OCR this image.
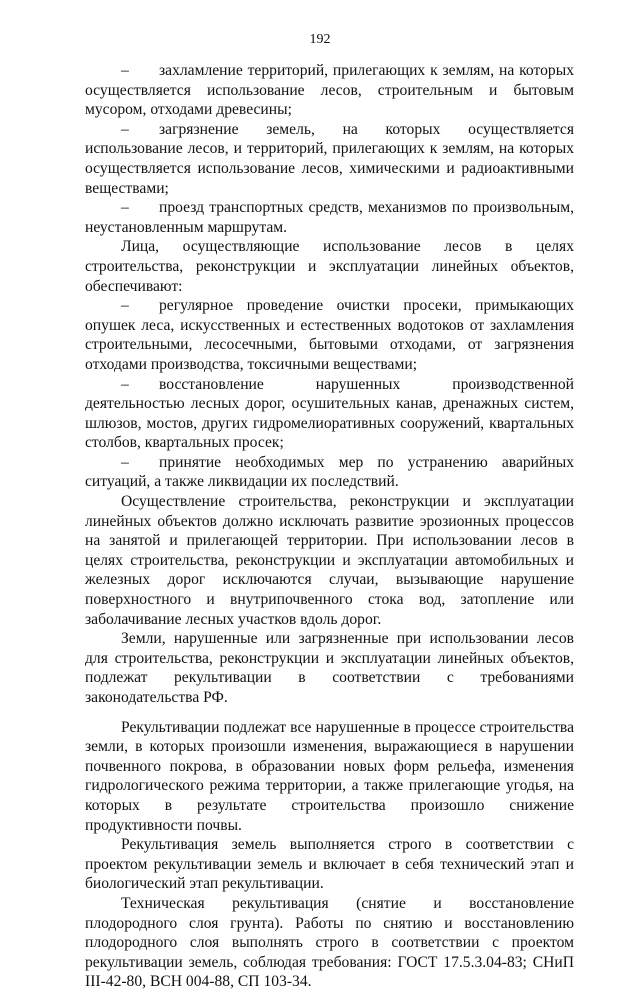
192

– захламление территорий, прилегающих к землям, на которых осуществляется использование лесов, строительным и бытовым мусором, отходами древесины;

– загрязнение земель, на которых осуществляется использование лесов, и территорий, прилегающих к землям, на которых осуществляется использование лесов, химическими и радиоактивными веществами;

– проезд транспортных средств, механизмов по произвольным, неустановленным маршрутам.

Лица, осуществляющие использование лесов в целях строительства, реконструкции и эксплуатации линейных объектов, обеспечивают:

– регулярное проведение очистки просеки, примыкающих опушек леса, искусственных и естественных водотоков от захламления строительными, лесосечными, бытовыми отходами, от загрязнения отходами производства, токсичными веществами;

– восстановление нарушенных производственной деятельностью лесных дорог, осушительных канав, дренажных систем, шлюзов, мостов, других гидромелиоративных сооружений, квартальных столбов, квартальных просек;

– принятие необходимых мер по устранению аварийных ситуаций, а также ликвидации их последствий.

Осуществление строительства, реконструкции и эксплуатации линейных объектов должно исключать развитие эрозионных процессов на занятой и прилегающей территории. При использовании лесов в целях строительства, реконструкции и эксплуатации автомобильных и железных дорог исключаются случаи, вызывающие нарушение поверхностного и внутрипочвенного стока вод, затопление или заболачивание лесных участков вдоль дорог.

Земли, нарушенные или загрязненные при использовании лесов для строительства, реконструкции и эксплуатации линейных объектов, подлежат рекультивации в соответствии с требованиями законодательства РФ.

Рекультивации подлежат все нарушенные в процессе строительства земли, в которых произошли изменения, выражающиеся в нарушении почвенного покрова, в образовании новых форм рельефа, изменения гидрологического режима территории, а также прилегающие угодья, на которых в результате строительства произошло снижение продуктивности почвы.

Рекультивация земель выполняется строго в соответствии с проектом рекультивации земель и включает в себя технический этап и биологический этап рекультивации.

Техническая рекультивация (снятие и восстановление плодородного слоя грунта). Работы по снятию и восстановлению плодородного слоя выполнять строго в соответствии с проектом рекультивации земель, соблюдая требования: ГОСТ 17.5.3.04-83; СНиП III-42-80, ВСН 004-88, СП 103-34.
